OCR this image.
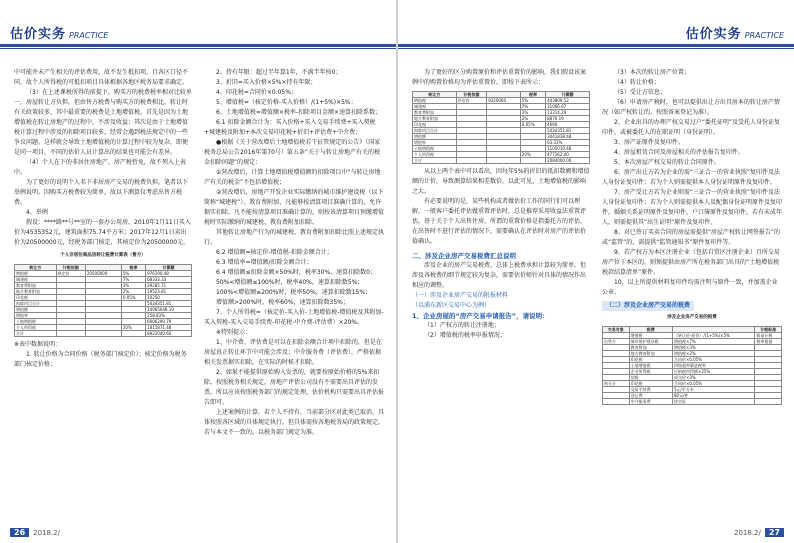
估价实务 PRACTICE

中可能并未产生相关的评估费用，故不发生抵扣项，且各区口径不同，故个人所得税的可抵扣项目具体根据各地区税务局要求确定。

（3）在上述课税所得的前提下，购买方的税费税率相对比较单一，房屋转让方负担，但由售方税费与购买方的税费相比，转让时有关政策较多，其中最重要的税费是土地增值税。首先是因为土地增值税在转让房地产的过程中，不涉及收益；其次是由于土地增值税计算过程中涉及的扣除项目较多，经常会遇到税法规定中的一些争议问题。这样就会导致土地增值税的计算过程中较为复杂，即便是同一项目，不同的估价人员计算出的结果也可能会有差异。

（4）个人在下的非居住房地产，房产税暂免，故不列入上表中。

为了更好的说明个人名下非居房产交易的税费负担，笔者以下举例说明。因购买方税费较为简单，故以下测算仅考虑出售方税费。

4、举例

假设：****路**号**室的一套办公用房，2010年1月11日买入价为4535352元，建筑面积75.74平方米；2017年12月1日卖出价为20500000元，经税务部门核定，其核定价为20500000元。

个人非居住商品房转让税费计算表（售方）
转让方	计税依据		税率	计算额
增值税	核定价	20500000	5%	976190.48
城建税			7%	68333.33
教育费附加			3%	29285.71
地方教育附加			2%	19523.81
印花税			0.05%	10250
扣除项目合计				5434351.81
增值额				14065648.19
增值率				258.83%
土地增值税				6006290.79
个人所得税			20%	1811871.48
合计				8922040.60

※表中数据说明：

1. 转让价格为合同价格（税务部门核定价）；核定价格为税务部门核定价格；

2、持有年限：超过半年算1年，不满半年按0；

3、折旧=买入价格×5%×持有年限；

4、印花税=合同价×0.05%；

5、增值税=（核定价格-买入价格）/(1+5%)×5%；

6、土地增值税=增值额×税率-扣除项目金额×速算扣除系数；

6.1 扣除金额合计为：买入价格+买入交易手续费+买入契税+城建税及附加+本次交易印花税+折旧+评估费+中介费；

●根据《关于营改增后土地增值税若干征管规定的公告》（国家税务总局公告2016年第70号）第五条“关于与转让房地产有关的税金扣除问题”的规定：

①营改增后，计算土地增值税增值额的扣除项目中“与转让房地产有关的税金”不包括增值税；

②营改增后，房地产开发企业实际缴纳的城市维护建设税（以下简称“城建税”）、教育费附加，凡能够按清算项目准确计算的，允许据实扣除。凡不能按清算项目准确计算的，则按该清算项目预缴增值税时实际缴纳的城建税、教育费附加扣除。

其他转让房地产行为的城建税、教育费附加扣除比照上述规定执行。

6.2 增值额=核定价-增值税-扣除金额合计；

6.3 增值率=增值额/扣除金额合计；

6.4 增值额≤扣除金额×50%时，税率30%，速算扣除数0；

50%<增值额≤100%时，税率40%，速算扣除数5%；

100%<增值额≤200%时，税率50%，速算扣除数15%；

增值额>200%时，税率60%，速算扣除数35%；

7、个人所得税=（核定价-买入价-土地增值税-增值税及其附加-买入契税-买入交易手续费-印花税-中介费-评估费）×20%。

※特别提示：

1、中介费、评估费是可以在扣除金额合计项中扣除的，但是在房屋真正转让环节中可能会涉及；中介服务费（评估费），严格依据相关发票据实扣除，在实际的时候才扣除。

2、如果不能提供原始购入发票的，就要按原始价格的5%来扣除。按照税务相关规定，房地产评估公司没有不需要出具评估的发票，所以应该按照税务部门的规定处理，估价机构只需要出具评估报告即可。

上述案例的计算，若个人不持有，当前部分区对此类已取消，具体按照各区域的具体规定执行，但具体需按各地税务局的政策规定，若与本文不一致的，以税务部门规定为准。

26	2018.2/
估价实务 PRACTICE

为了更好的区分购置原价和评估重置价的影响，我们假设该案例中的购置价格均为评估重置价，即按下表所示：

转让方	计税依据		税率	计算额
增值税	评估价	9320000	5%	443809.52
城建税			7%	31066.67
教育费附加			3%	13314.29
地方教育附加			2%	8876.19
印花税			0.05%	4660
扣除项目合计				5434351.81
增值额				3441838.48
增值率				63.33%
土地增值税				1105010.48
个人所得税			20%	477262.40
合计				2084000.00

从以上两个表中可以看出，因每年5%的折旧的抵扣数额和增值额的计价，导致测算结果相差数倍，以此可见，土地增值税的影响之大。

有必要说明的是，某些机构或者做估价工作的同行们可以理解，一般客户委托评估做重置评估时，总是推荐采用收益法重置评估。基于关于个人出售住房，所谓的重置价格是指委托方的评估，在出售时不进行评估的情况下，需要确认在评估时对房产的评估价值确认。

二、涉及企业房产交易税费汇总说明

涉及企业的房产交易税费，总体上税费承担计算较为简单，但涉及各税费的细节规定较为复杂，需要估价师针对具体的情况作出相应的调整。

（一）涉及企业房产交易的附报材料

（以浦东新区交易中心为例）

1、企业房屋的“房产交易申请报告”，请说明：

（1）产权方的转让注册地；

（2）增值税的税率申报情况；

（3）本次的转让房产位置；

（4）转让价格；

（5）受让方信息；

（6）申请房产税时，也可以提供出让方出具房本的转让房产情况（如产权转让的，按照备案登记为准）。

2、企业出具的办理产权交易过户“委托证明”及受托人身份证复印件，或被委托人的在职证明（身份证明）。

3、房产证原件及复印件。

4、房屋租赁合同及房屋相关的评估报告复印件。

5、本次房屋产权交易的转让合同原件。

6、房产出让方若为企业的需“三证合一的营业执照”复印件及法人身份证复印件；若为个人则需提供本人身份证明原件及复印件。

7、房产受让方若为企业则需“三证合一的营业执照”复印件及法人身份证复印件；若为个人则需提供本人及配偶身份证明原件及复印件，婚姻关系证明原件及复印件，户口簿原件及复印件，若有未成年人，则需提供其“出生证明”原件及复印件。

8、对已签订买卖合同的房屋需提供“房屋产权转让网签报告”的或“监管”的，需提供“监管通知书”原件复印件等。

9、若产权方为本区注册企业（包括自贸区注册企业）且所交易房产位于本区的，则须提供由房产所在税务部门出具的“土地增值税税款结算清单”原件。

10、以上所提供材料复印件均需注明与原件一致，并加盖企业公章。

（二）涉及企业房产交易的税费

涉及企业房产交易的税费
交易对象	税费		计税标准
	增值税	（转让价-原价）/(1+5%)×5%	简易计税
出售方	城市维护建设税	增值税×7%	税率根据
	教育附加	增值税×3%	
	地方教育附加	增值税×2%	
	印花税	合同价×0.05%	
	土地增值税	四级超率累进税率	
	企业所得税	应纳税所得额×25%	
	契税	成交价×3%	
购买方	印花税	合同价×0.05%	
	交易手续费	5元/平方米	
	登记费	80元/件	
	中介服务费	按实际	
2018.2/	27
